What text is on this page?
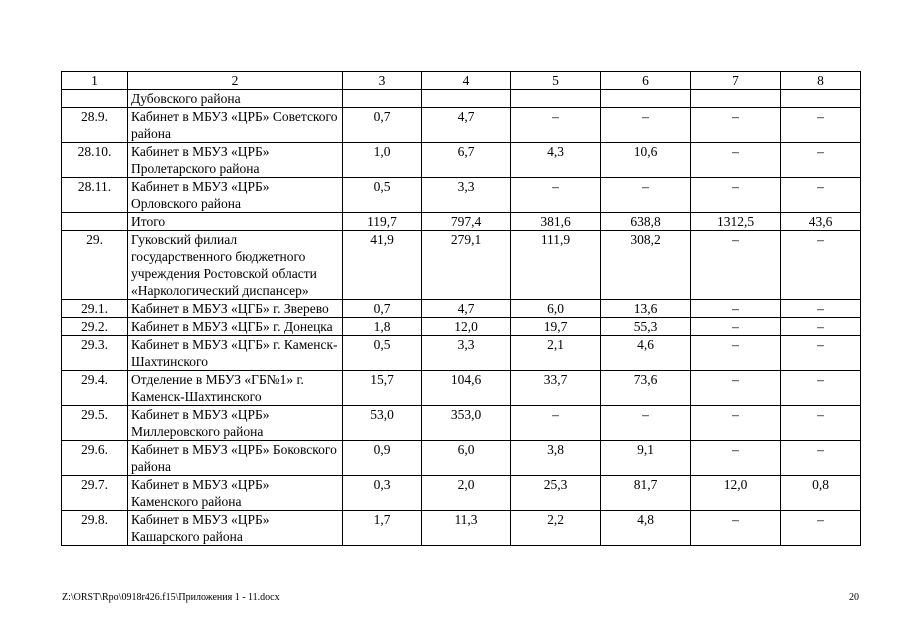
1	2	3	4	5	6	7	8
	Дубовского района						
28.9.	Кабинет в МБУЗ «ЦРБ» Советского района	0,7	4,7	–	–	–	–
28.10.	Кабинет в МБУЗ «ЦРБ» Пролетарского района	1,0	6,7	4,3	10,6	–	–
28.11.	Кабинет в МБУЗ «ЦРБ» Орловского района	0,5	3,3	–	–	–	–
	Итого	119,7	797,4	381,6	638,8	1312,5	43,6
29.	Гуковский филиал государственного бюджетного учреждения Ростовской области «Наркологический диспансер»	41,9	279,1	111,9	308,2	–	–
29.1.	Кабинет в МБУЗ «ЦГБ» г. Зверево	0,7	4,7	6,0	13,6	–	–
29.2.	Кабинет в МБУЗ «ЦГБ» г. Донецка	1,8	12,0	19,7	55,3	–	–
29.3.	Кабинет в МБУЗ «ЦГБ» г. Каменск-Шахтинского	0,5	3,3	2,1	4,6	–	–
29.4.	Отделение в МБУЗ «ГБ№1» г. Каменск-Шахтинского	15,7	104,6	33,7	73,6	–	–
29.5.	Кабинет в МБУЗ «ЦРБ» Миллеровского района	53,0	353,0	–	–	–	–
29.6.	Кабинет в МБУЗ «ЦРБ» Боковского района	0,9	6,0	3,8	9,1	–	–
29.7.	Кабинет в МБУЗ «ЦРБ» Каменского района	0,3	2,0	25,3	81,7	12,0	0,8
29.8.	Кабинет в МБУЗ «ЦРБ» Кашарского района	1,7	11,3	2,2	4,8	–	–
Z:\ORST\Rpo\0918r426.f15\Приложения 1 - 11.docx	20
